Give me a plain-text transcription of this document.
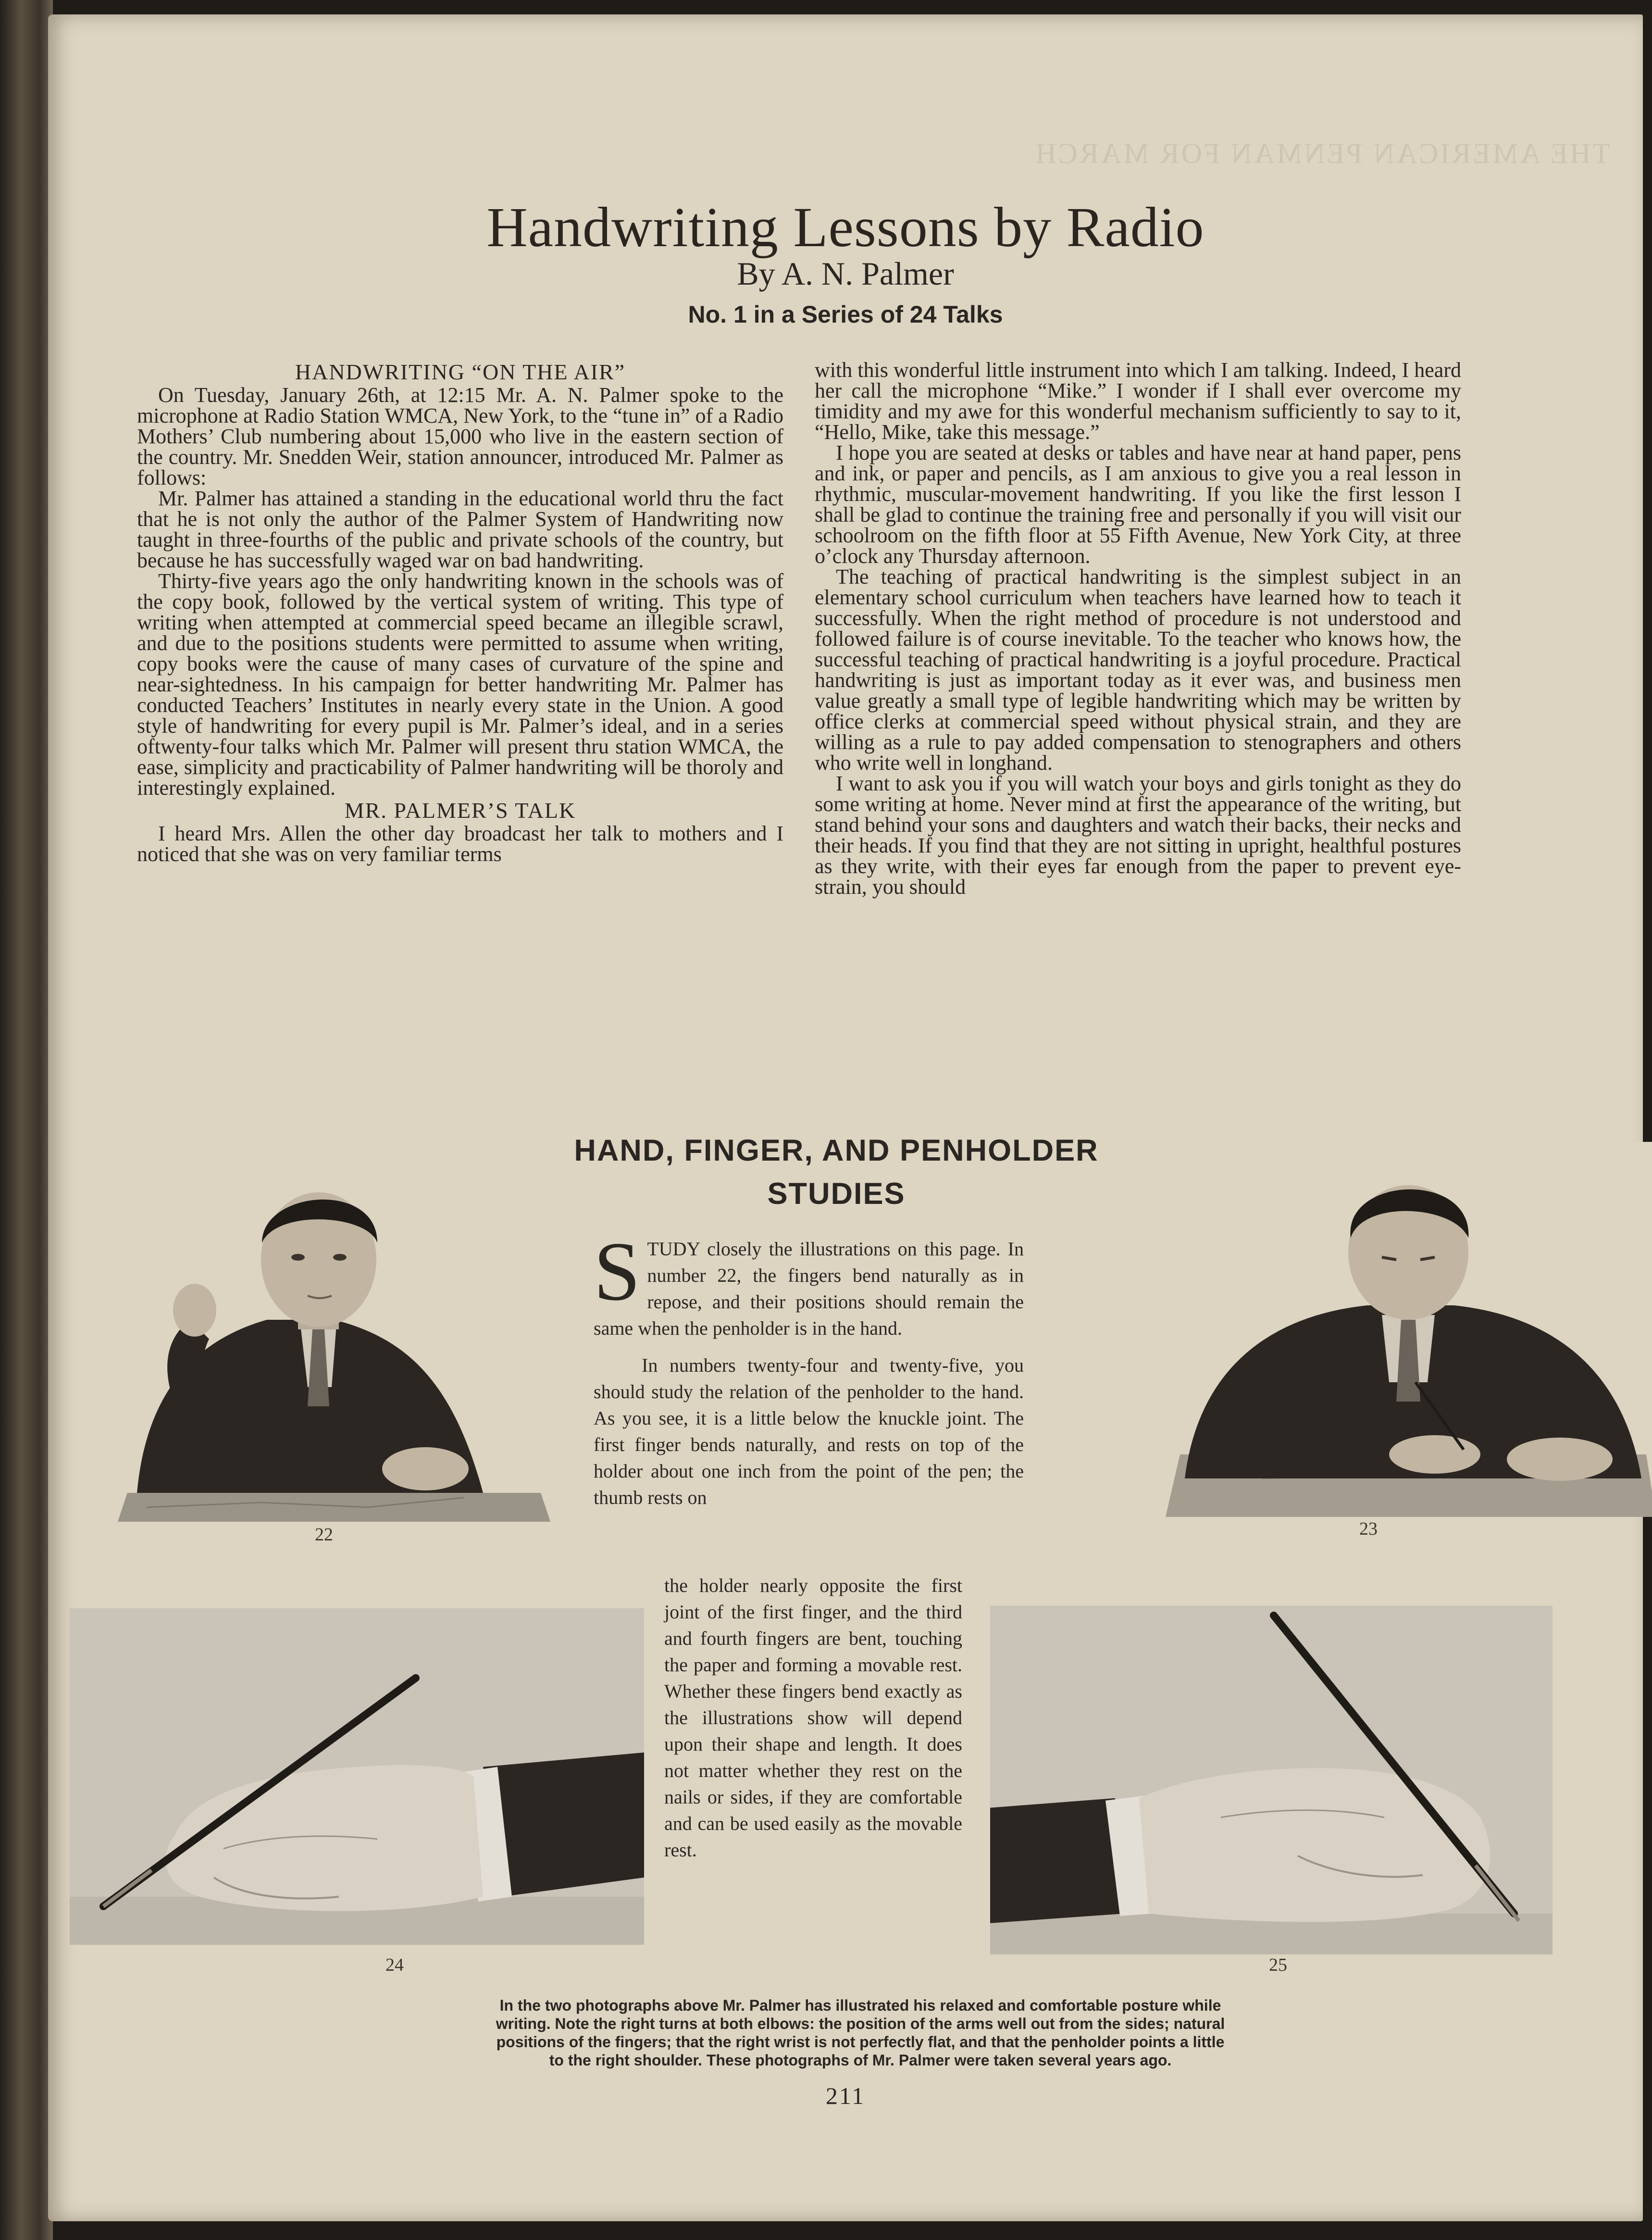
THE AMERICAN PENMAN FOR MARCH
Handwriting Lessons by Radio
By A. N. Palmer
No. 1 in a Series of 24 Talks
HANDWRITING “ON THE AIR”

On Tuesday, January 26th, at 12:15 Mr. A. N. Palmer spoke to the microphone at Radio Station WMCA, New York, to the “tune in” of a Radio Mothers’ Club numbering about 15,000 who live in the eastern section of the country. Mr. Snedden Weir, station announcer, introduced Mr. Palmer as follows:

Mr. Palmer has attained a standing in the educational world thru the fact that he is not only the author of the Palmer System of Handwriting now taught in three-fourths of the public and private schools of the country, but because he has successfully waged war on bad handwriting.

Thirty-five years ago the only handwriting known in the schools was of the copy book, followed by the vertical system of writing. This type of writing when attempted at commercial speed became an illegible scrawl, and due to the positions students were permitted to assume when writing, copy books were the cause of many cases of curvature of the spine and near-sightedness. In his campaign for better handwriting Mr. Palmer has conducted Teachers’ Institutes in nearly every state in the Union. A good style of handwriting for every pupil is Mr. Palmer’s ideal, and in a series oftwenty-four talks which Mr. Palmer will present thru station WMCA, the ease, simplicity and practicability of Palmer handwriting will be thoroly and interestingly explained.

MR. PALMER’S TALK

I heard Mrs. Allen the other day broadcast her talk to mothers and I noticed that she was on very familiar terms

with this wonderful little instrument into which I am talking. Indeed, I heard her call the microphone “Mike.” I wonder if I shall ever overcome my timidity and my awe for this wonderful mechanism sufficiently to say to it, “Hello, Mike, take this message.”

I hope you are seated at desks or tables and have near at hand paper, pens and ink, or paper and pencils, as I am anxious to give you a real lesson in rhythmic, muscular-movement handwriting. If you like the first lesson I shall be glad to continue the training free and personally if you will visit our schoolroom on the fifth floor at 55 Fifth Avenue, New York City, at three o’clock any Thursday afternoon.

The teaching of practical handwriting is the simplest subject in an elementary school curriculum when teachers have learned how to teach it successfully. When the right method of procedure is not understood and followed failure is of course inevitable. To the teacher who knows how, the successful teaching of practical handwriting is a joyful procedure. Practical handwriting is just as important today as it ever was, and business men value greatly a small type of legible handwriting which may be written by office clerks at commercial speed without physical strain, and they are willing as a rule to pay added compensation to stenographers and others who write well in longhand.

I want to ask you if you will watch your boys and girls tonight as they do some writing at home. Never mind at first the appearance of the writing, but stand behind your sons and daughters and watch their backs, their necks and their heads. If you find that they are not sitting in upright, healthful postures as they write, with their eyes far enough from the paper to prevent eye-strain, you should

HAND, FINGER, AND PENHOLDER
STUDIES

STUDY closely the illustrations on this page. In number 22, the fingers bend naturally as in repose, and their positions should remain the same when the penholder is in the hand.

In numbers twenty-four and twenty-five, you should study the relation of the penholder to the hand. As you see, it is a little below the knuckle joint. The first finger bends naturally, and rests on top of the holder about one inch from the point of the pen; the thumb rests on

the holder nearly opposite the first joint of the first finger, and the third and fourth fingers are bent, touching the paper and forming a movable rest. Whether these fingers bend exactly as the illustrations show will depend upon their shape and length. It does not matter whether they rest on the nails or sides, if they are comfortable and can be used easily as the movable rest.
22	23
24	25
In the two photographs above Mr. Palmer has illustrated his relaxed and comfortable posture while
writing. Note the right turns at both elbows: the position of the arms well out from the sides; natural
positions of the fingers; that the right wrist is not perfectly flat, and that the penholder points a little
to the right shoulder. These photographs of Mr. Palmer were taken several years ago.
211
